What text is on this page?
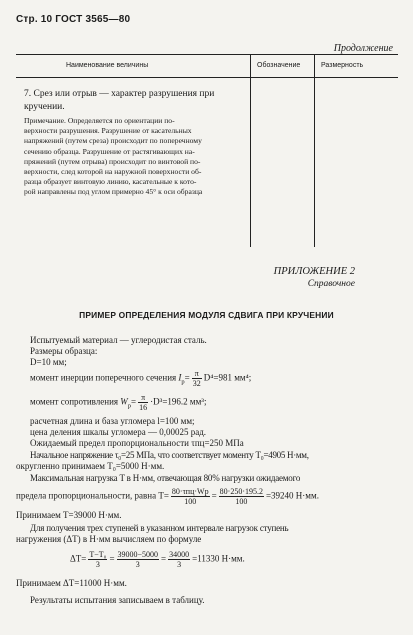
Стр. 10 ГОСТ 3565—80
Продолжение
Наименование величины	Обозначение	Размерность
7. Срез или отрыв — характер разрушения при
кручении.
Примечание. Определяется по ориентации по-
верхности разрушения. Разрушение от касательных
напряжений (путем среза) происходит по поперечному
сечению образца. Разрушение от растягивающих на-
пряжений (путем отрыва) происходит по винтовой по-
верхности, след которой на наружной поверхности об-
разца образует винтовую линию, касательные к кото-
рой направлены под углом примерно 45° к оси образца
ПРИЛОЖЕНИЕ 2
Справочное
ПРИМЕР ОПРЕДЕЛЕНИЯ МОДУЛЯ СДВИГА ПРИ КРУЧЕНИИ
Испытуемый материал — углеродистая сталь.
Размеры образца:
D=10 мм;
момент инерции поперечного сечения $I_p= \frac{\pi}{32} D^4=981$ мм⁴;
момент сопротивления $W_p= \frac{\pi}{16} \cdot D^3=196.2$ мм³;
расчетная длина и база угломера l=100 мм;
цена деления шкалы угломера — 0,00025 рад.
Ожидаемый предел пропорциональности τпц=250 МПа
Начальное напряжение τ₀=25 МПа, что соответствует моменту T₀=4905 Н·мм,
округленно принимаем T₀=5000 Н·мм.
Максимальная нагрузка T в Н·мм, отвечающая 80% нагрузки ожидаемого
предела пропорциональности, равна $T= \frac{\text{80·τпц·Wp}}{100} = \frac{80\cdot 250\cdot 195.2}{100} =39240$ Н·мм.
Принимаем T=39000 Н·мм.
Для получения трех ступеней в указанном интервале нагрузок ступень
нагружения (ΔT) в Н·мм вычисляем по формуле
$\Delta T= \frac{\text{T−T₀}}{3} = \frac{39000-5000}{3} = \frac{34000}{3} =11330$ Н·мм.
Принимаем ΔT=11000 Н·мм.
Результаты испытания записываем в таблицу.
